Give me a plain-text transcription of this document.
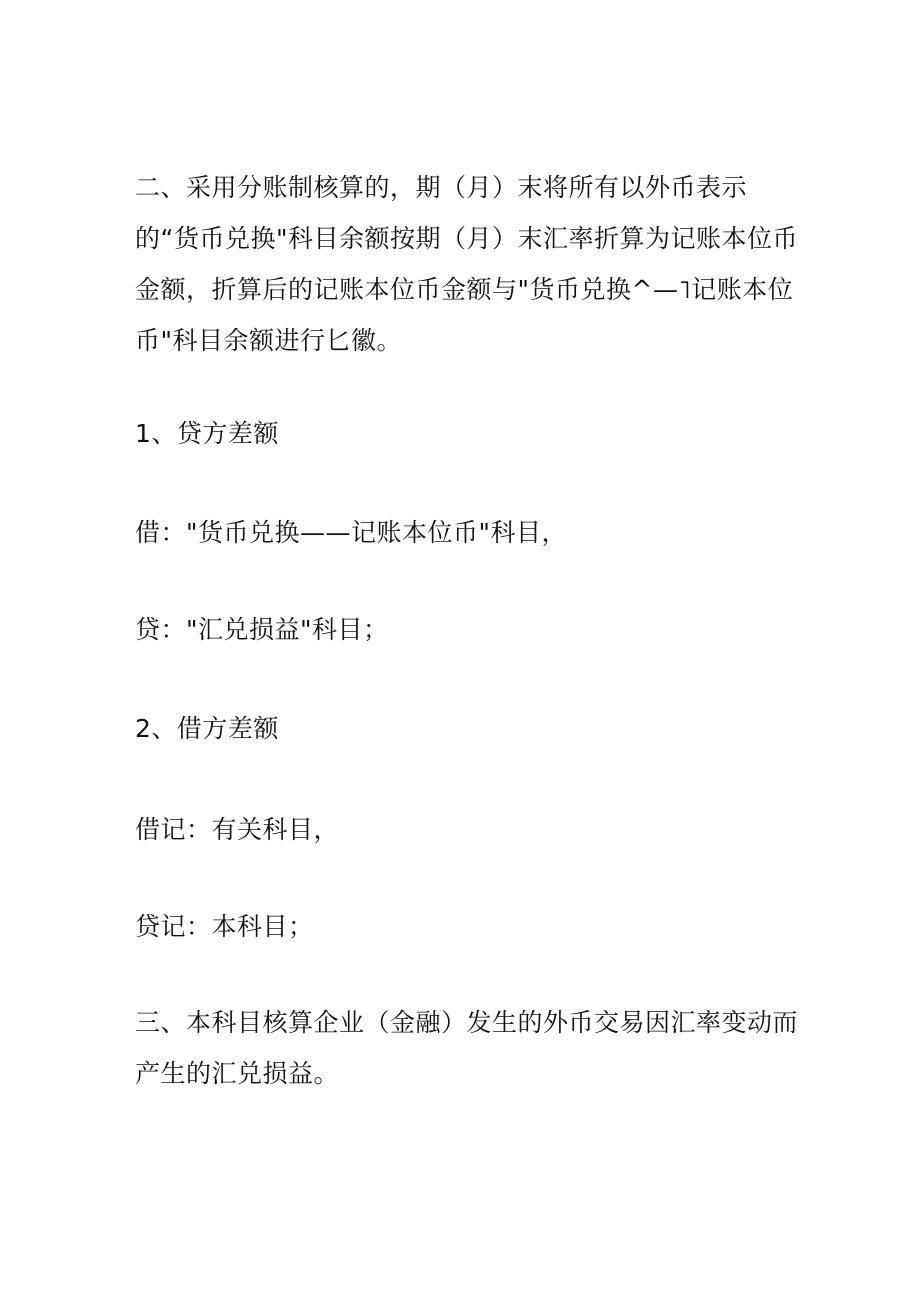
二、采用分账制核算的，期（月）末将所有以外币表示的“货币兑换"科目余额按期（月）末汇率折算为记账本位币金额，折算后的记账本位币金额与"货币兑换^—˥记账本位币"科目余额进行匕徽。

1、贷方差额

借："货币兑换——记账本位币"科目，

贷："汇兑损益"科目；

2、借方差额

借记：有关科目，

贷记：本科目；

三、本科目核算企业（金融）发生的外币交易因汇率变动而产生的汇兑损益。
